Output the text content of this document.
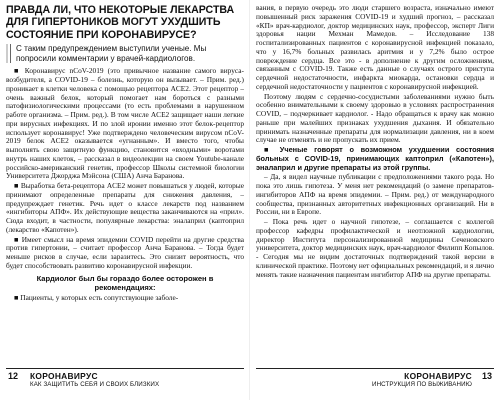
ПРАВДА ЛИ, ЧТО НЕКОТОРЫЕ ЛЕКАРСТВА ДЛЯ ГИПЕРТОНИКОВ МОГУТ УХУДШИТЬ СОСТОЯНИЕ ПРИ КОРОНАВИРУСЕ?
С таким предупреждением выступили ученые. Мы попросили комментарии у врачей-кардиологов.

■ Коронавирус nCoV-2019 (это привычное название самого вируса-возбудителя, а COVID-19 – болезнь, которую он вызывает. – Прим. ред.) проникает в клетки человека с помощью рецептора ACE2. Этот рецептор – очень важный белок, который помогает нам бороться с разными патофизиологическими процессами (то есть проблемами в нарушенном работе организма. – Прим. ред.). В том числе ACE2 защищает наши легкие при вирусных инфекциях. И по злой иронии именно этот белок-рецептор использует коронавирус! Уже подтверждено человеческим вирусом nCoV-2019 белок ACE2 оказывается «угнанным». И вместо того, чтобы выполнять свою защитную функцию, становится «входными» воротами внутрь наших клеток, – рассказал в видеолекции на своем Youtube-канале российско-американский генетик, профессор Школы системной биологии Университета Джорджа Мэйсона (США) Анча Баранова.

■ Выработка бета-рецептора ACE2 может повышаться у людей, которые принимают определенные препараты для снижения давления, – предупреждает генетик. Речь идет о классе лекарств под названием «ингибиторы АПФ». Их действующие вещества заканчиваются на «прил». Сюда входит, в частности, популярные лекарства: эналаприл (каптоприл (лекарство «Капотен»).

■ Имеет смысл на время эпидемии COVID перейти на другие средства против гипертонии, – считает профессор Анча Баранова. – Тогда будет меньше рисков в случае, если заразитесь. Это снизит вероятность, что будет способствовать развитию коронавирусной инфекции.

Кардиолог был бы гораздо более осторожен в рекомендациях:

■ Пациенты, у которых есть сопутствующие заболе-

вания, в первую очередь это люди старшего возраста, изначально имеют повышенный риск заражения COVID-19 и худший прогноз, – рассказал «КП» врач-кардиолог, доктор медицинских наук, профессор, эксперт Лиги здоровья нации Мехман Мамедов. – Исследование 138 госпитализированных пациентов с коронавирусной инфекцией показало, что у 16,7% больных развилась аритмия и у 7,2% было острое повреждение сердца. Все это - в дополнение к другим осложнениям, связанным с COVID-19. Также есть данные о случаях острого приступа сердечной недостаточности, инфаркта миокарда, остановки сердца и сердечной недостаточности у пациентов с коронавирусной инфекцией.

Поэтому людям с сердечно-сосудистыми заболеваниями нужно быть особенно внимательными к своему здоровью в условиях распространения COVID, – подчеркивает кардиолог. - Надо обращаться к врачу как можно раньше при малейших признаках ухудшения дыхания. И обязательно принимать назначенные препараты для нормализации давления, ни в коем случае не отменять и не пропускать их прием.

■ Ученые говорят о возможном ухудшении состояния больных с COVID-19, принимающих каптоприл («Капотен»), эналаприл и другие препараты из этой группы.

– Да, я видел научные публикации с предположениями такого рода. Но пока это лишь гипотеза. У меня нет рекомендаций (о замене препаратов-ингибиторов АПФ на время эпидемии. – Прим. ред.) от международного сообщества, признанных авторитетных инфекционных организаций. Ни в России, ни в Европе.

– Пока речь идет о научной гипотезе, – соглашается с коллегой профессор кафедры профилактической и неотложной кардиологии, директор Института персонализированной медицины Сеченовского университета, доктор медицинских наук, врач-кардиолог Филипп Копылов. - Сегодня мы не видим достаточных подтверждений такой версии в клинической практике. Поэтому нет официальных рекомендаций, и я лично менять такие назначения пациентам ингибитор АПФ на другие препараты.

12 КОРОНАВИРУС
КАК ЗАЩИТИТЬ СЕБЯ И СВОИХ БЛИЗКИХ
КОРОНАВИРУС
ИНСТРУКЦИЯ ПО ВЫЖИВАНИЮ
13
